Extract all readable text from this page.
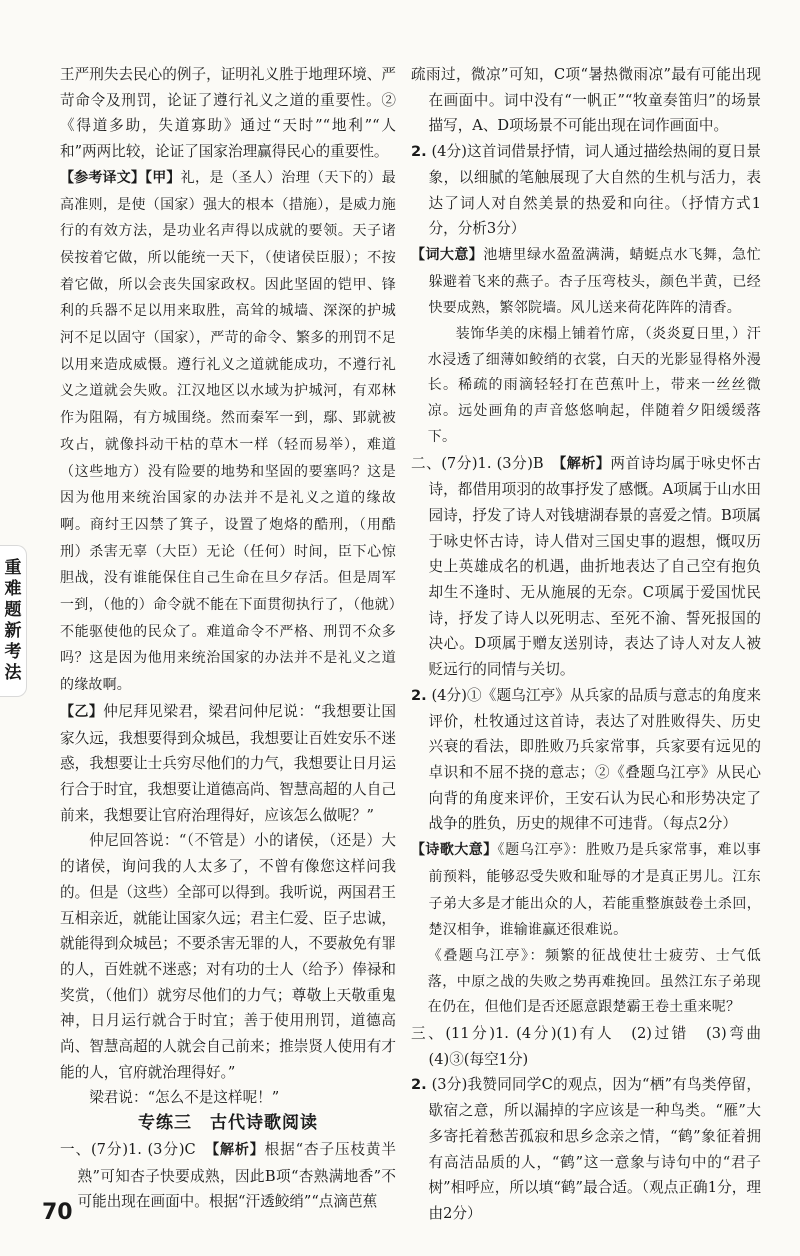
王严刑失去民心的例子，证明礼义胜于地理环境、严苛命令及刑罚，论证了遵行礼义之道的重要性。②《得道多助，失道寡助》通过“天时”“地利”“人和”两两比较，论证了国家治理赢得民心的重要性。

【参考译文】【甲】礼，是（圣人）治理（天下的）最高准则，是使（国家）强大的根本（措施），是威力施行的有效方法，是功业名声得以成就的要领。天子诸侯按着它做，所以能统一天下，（使诸侯臣服）；不按着它做，所以会丧失国家政权。因此坚固的铠甲、锋利的兵器不足以用来取胜，高耸的城墙、深深的护城河不足以固守（国家），严苛的命令、繁多的刑罚不足以用来造成威慑。遵行礼义之道就能成功，不遵行礼义之道就会失败。江汉地区以水域为护城河，有邓林作为阻隔，有方城围绕。然而秦军一到，鄢、郢就被攻占，就像抖动干枯的草木一样（轻而易举），难道（这些地方）没有险要的地势和坚固的要塞吗？这是因为他用来统治国家的办法并不是礼义之道的缘故啊。商纣王囚禁了箕子，设置了炮烙的酷刑，（用酷刑）杀害无辜（大臣）无论（任何）时间，臣下心惊胆战，没有谁能保住自己生命在旦夕存活。但是周军一到，（他的）命令就不能在下面贯彻执行了，（他就）不能驱使他的民众了。难道命令不严格、刑罚不众多吗？这是因为他用来统治国家的办法并不是礼义之道的缘故啊。

【乙】仲尼拜见梁君，梁君问仲尼说：“我想要让国家久远，我想要得到众城邑，我想要让百姓安乐不迷惑，我想要让士兵穷尽他们的力气，我想要让日月运行合于时宜，我想要让道德高尚、智慧高超的人自己前来，我想要让官府治理得好，应该怎么做呢？”

仲尼回答说：“（不管是）小的诸侯，（还是）大的诸侯，询问我的人太多了，不曾有像您这样问我的。但是（这些）全部可以得到。我听说，两国君王互相亲近，就能让国家久远；君主仁爱、臣子忠诚，就能得到众城邑；不要杀害无罪的人，不要赦免有罪的人，百姓就不迷惑；对有功的士人（给予）俸禄和奖赏，（他们）就穷尽他们的力气；尊敬上天敬重鬼神，日月运行就合于时宜；善于使用刑罚，道德高尚、智慧高超的人就会自己前来；推崇贤人使用有才能的人，官府就治理得好。”

梁君说：“怎么不是这样呢！”

专练三　古代诗歌阅读

一、(7分)1. (3分)C　【解析】根据“杏子压枝黄半熟”可知杏子快要成熟，因此B项“杏熟满地香”不可能出现在画面中。根据“汗透鲛绡”“点滴芭蕉

疏雨过，微凉”可知，C项“暑热微雨凉”最有可能出现在画面中。词中没有“一帆正”“牧童奏笛归”的场景描写，A、D项场景不可能出现在词作画面中。

2. (4分)这首词借景抒情，词人通过描绘热闹的夏日景象，以细腻的笔触展现了大自然的生机与活力，表达了词人对自然美景的热爱和向往。（抒情方式1分，分析3分）

【词大意】池塘里绿水盈盈满满，蜻蜓点水飞舞，急忙躲避着飞来的燕子。杏子压弯枝头，颜色半黄，已经快要成熟，繁邻院墙。风儿送来荷花阵阵的清香。

装饰华美的床榻上铺着竹席，（炎炎夏日里，）汗水浸透了细薄如鲛绡的衣裳，白天的光影显得格外漫长。稀疏的雨滴轻轻打在芭蕉叶上，带来一丝丝微凉。远处画角的声音悠悠响起，伴随着夕阳缓缓落下。

二、(7分)1. (3分)B　【解析】两首诗均属于咏史怀古诗，都借用项羽的故事抒发了感慨。A项属于山水田园诗，抒发了诗人对钱塘湖春景的喜爱之情。B项属于咏史怀古诗，诗人借对三国史事的遐想，慨叹历史上英雄成名的机遇，曲折地表达了自己空有抱负却生不逢时、无从施展的无奈。C项属于爱国忧民诗，抒发了诗人以死明志、至死不渝、誓死报国的决心。D项属于赠友送别诗，表达了诗人对友人被贬远行的同情与关切。

2. (4分)①《题乌江亭》从兵家的品质与意志的角度来评价，杜牧通过这首诗，表达了对胜败得失、历史兴衰的看法，即胜败乃兵家常事，兵家要有远见的卓识和不屈不挠的意志；②《叠题乌江亭》从民心向背的角度来评价，王安石认为民心和形势决定了战争的胜负，历史的规律不可违背。（每点2分）

【诗歌大意】《题乌江亭》：胜败乃是兵家常事，难以事前预料，能够忍受失败和耻辱的才是真正男儿。江东子弟大多是才能出众的人，若能重整旗鼓卷土杀回，楚汉相争，谁输谁赢还很难说。

《叠题乌江亭》：频繁的征战使壮士疲劳、士气低落，中原之战的失败之势再难挽回。虽然江东子弟现在仍在，但他们是否还愿意跟楚霸王卷土重来呢？

三、(11分)1. (4分)(1)有人　(2)过错　(3)弯曲(4)③(每空1分)

2. (3分)我赞同同学C的观点，因为“栖”有鸟类停留，歇宿之意，所以漏掉的字应该是一种鸟类。“雁”大多寄托着愁苦孤寂和思乡念亲之情，“鹤”象征着拥有高洁品质的人，“鹤”这一意象与诗句中的“君子树”相呼应，所以填“鹤”最合适。（观点正确1分，理由2分）

重
难
题
新
考
法
70
